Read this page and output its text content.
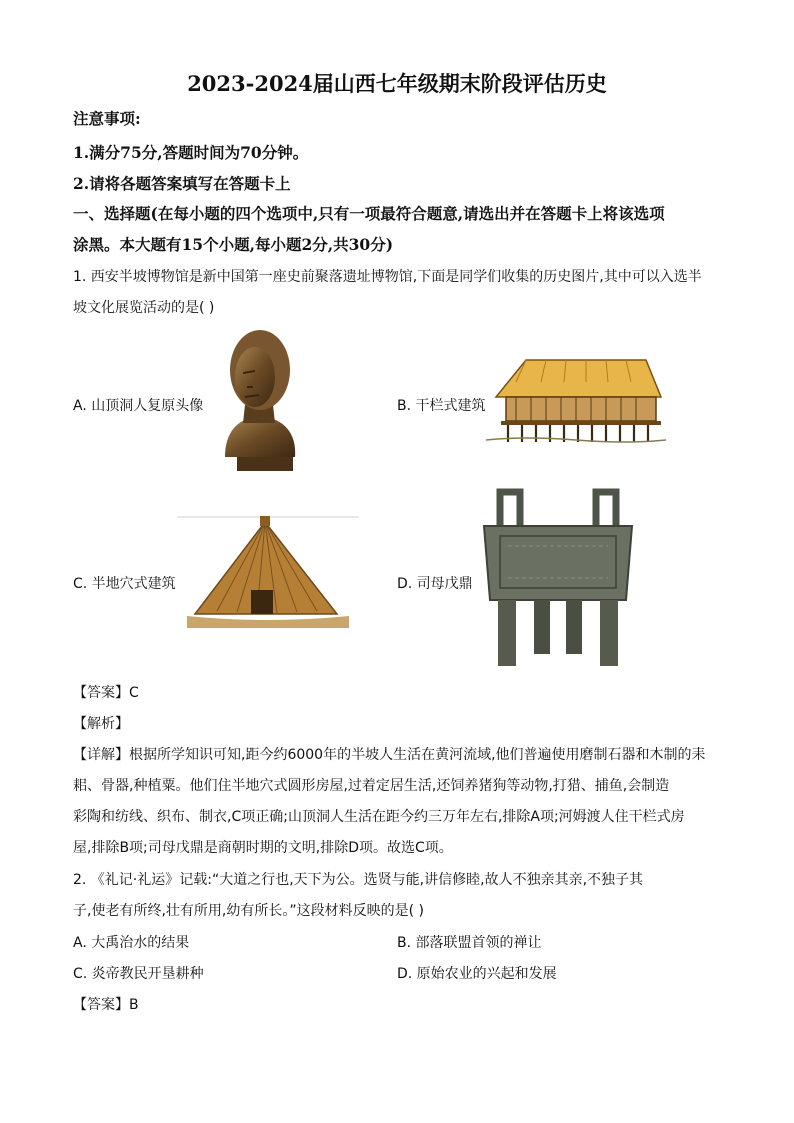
2023-2024届山西七年级期末阶段评估历史
注意事项:
1.满分75分,答题时间为70分钟。
2.请将各题答案填写在答题卡上
一、选择题(在每小题的四个选项中,只有一项最符合题意,请选出并在答题卡上将该选项
涂黑。本大题有15个小题,每小题2分,共30分)
1. 西安半坡博物馆是新中国第一座史前聚落遗址博物馆,下面是同学们收集的历史图片,其中可以入选半
坡文化展览活动的是( )
A. 山顶洞人复原头像	B. 干栏式建筑
C. 半地穴式建筑	D. 司母戊鼎
【答案】C
【解析】
【详解】根据所学知识可知,距今约6000年的半坡人生活在黄河流域,他们普遍使用磨制石器和木制的耒
耜、骨器,种植粟。他们住半地穴式圆形房屋,过着定居生活,还饲养猪狗等动物,打猎、捕鱼,会制造
彩陶和纺线、织布、制衣,C项正确;山顶洞人生活在距今约三万年左右,排除A项;河姆渡人住干栏式房
屋,排除B项;司母戊鼎是商朝时期的文明,排除D项。故选C项。
2. 《礼记·礼运》记载:“大道之行也,天下为公。选贤与能,讲信修睦,故人不独亲其亲,不独子其
子,使老有所终,壮有所用,幼有所长。”这段材料反映的是( )
A. 大禹治水的结果	B. 部落联盟首领的禅让
C. 炎帝教民开垦耕种	D. 原始农业的兴起和发展
【答案】B
